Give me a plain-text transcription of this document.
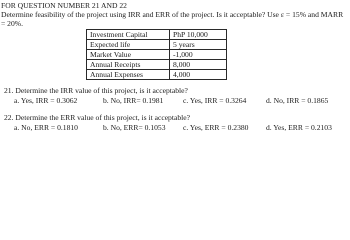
FOR QUESTION NUMBER 21 AND 22
Determine feasibility of the project using IRR and ERR of the project. Is it acceptable? Use ε = 15% and MARR
= 20%.
Investment Capital	PhP 10,000
Expected life	5 years
Market Value	-1,000
Annual Receipts	8,000
Annual Expenses	4,000
21. Determine the IRR value of this project, is it acceptable?
a. Yes, IRR = 0.3062	b. No, IRR= 0.1981	c. Yes, IRR = 0.3264	d. No, IRR = 0.1865
22. Determine the ERR value of this project, is it acceptable?
a. No, ERR = 0.1810	b. No, ERR= 0.1053 c. Yes, ERR = 0.2380 d. Yes, ERR = 0.2103
